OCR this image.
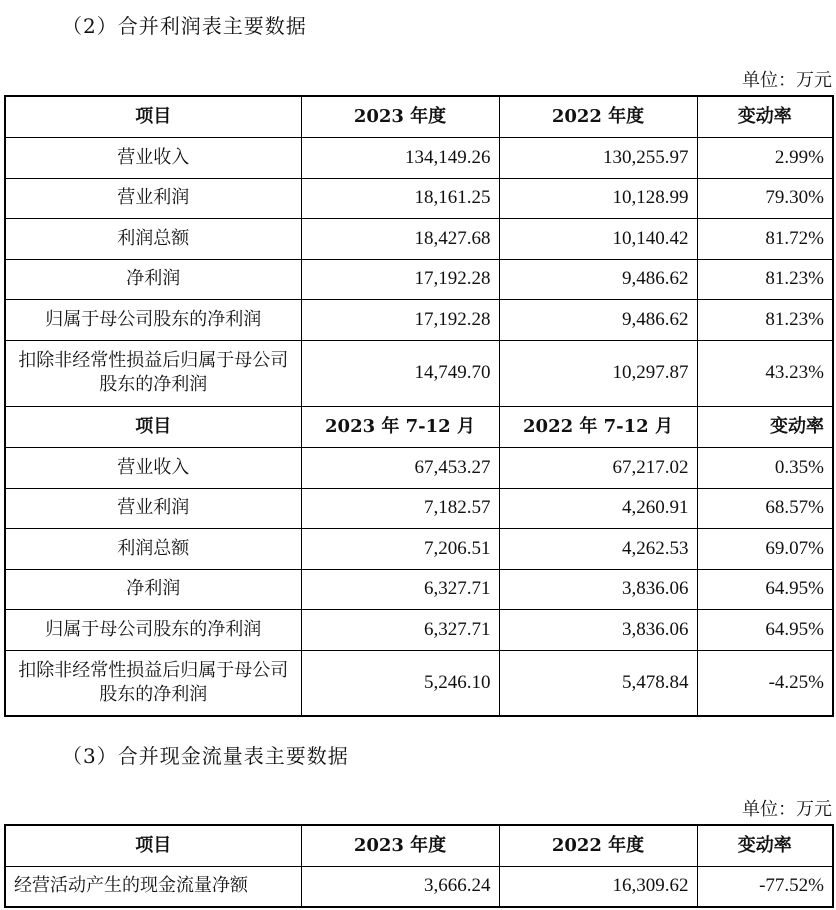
（2）合并利润表主要数据
单位：万元
项目	2023 年度	2022 年度	变动率
营业收入	134,149.26	130,255.97	2.99%
营业利润	18,161.25	10,128.99	79.30%
利润总额	18,427.68	10,140.42	81.72%
净利润	17,192.28	9,486.62	81.23%
归属于母公司股东的净利润	17,192.28	9,486.62	81.23%
扣除非经常性损益后归属于母公司股东的净利润	14,749.70	10,297.87	43.23%
项目	2023 年 7-12 月	2022 年 7-12 月	变动率
营业收入	67,453.27	67,217.02	0.35%
营业利润	7,182.57	4,260.91	68.57%
利润总额	7,206.51	4,262.53	69.07%
净利润	6,327.71	3,836.06	64.95%
归属于母公司股东的净利润	6,327.71	3,836.06	64.95%
扣除非经常性损益后归属于母公司股东的净利润	5,246.10	5,478.84	-4.25%
（3）合并现金流量表主要数据
单位：万元
项目	2023 年度	2022 年度	变动率
经营活动产生的现金流量净额	3,666.24	16,309.62	-77.52%
